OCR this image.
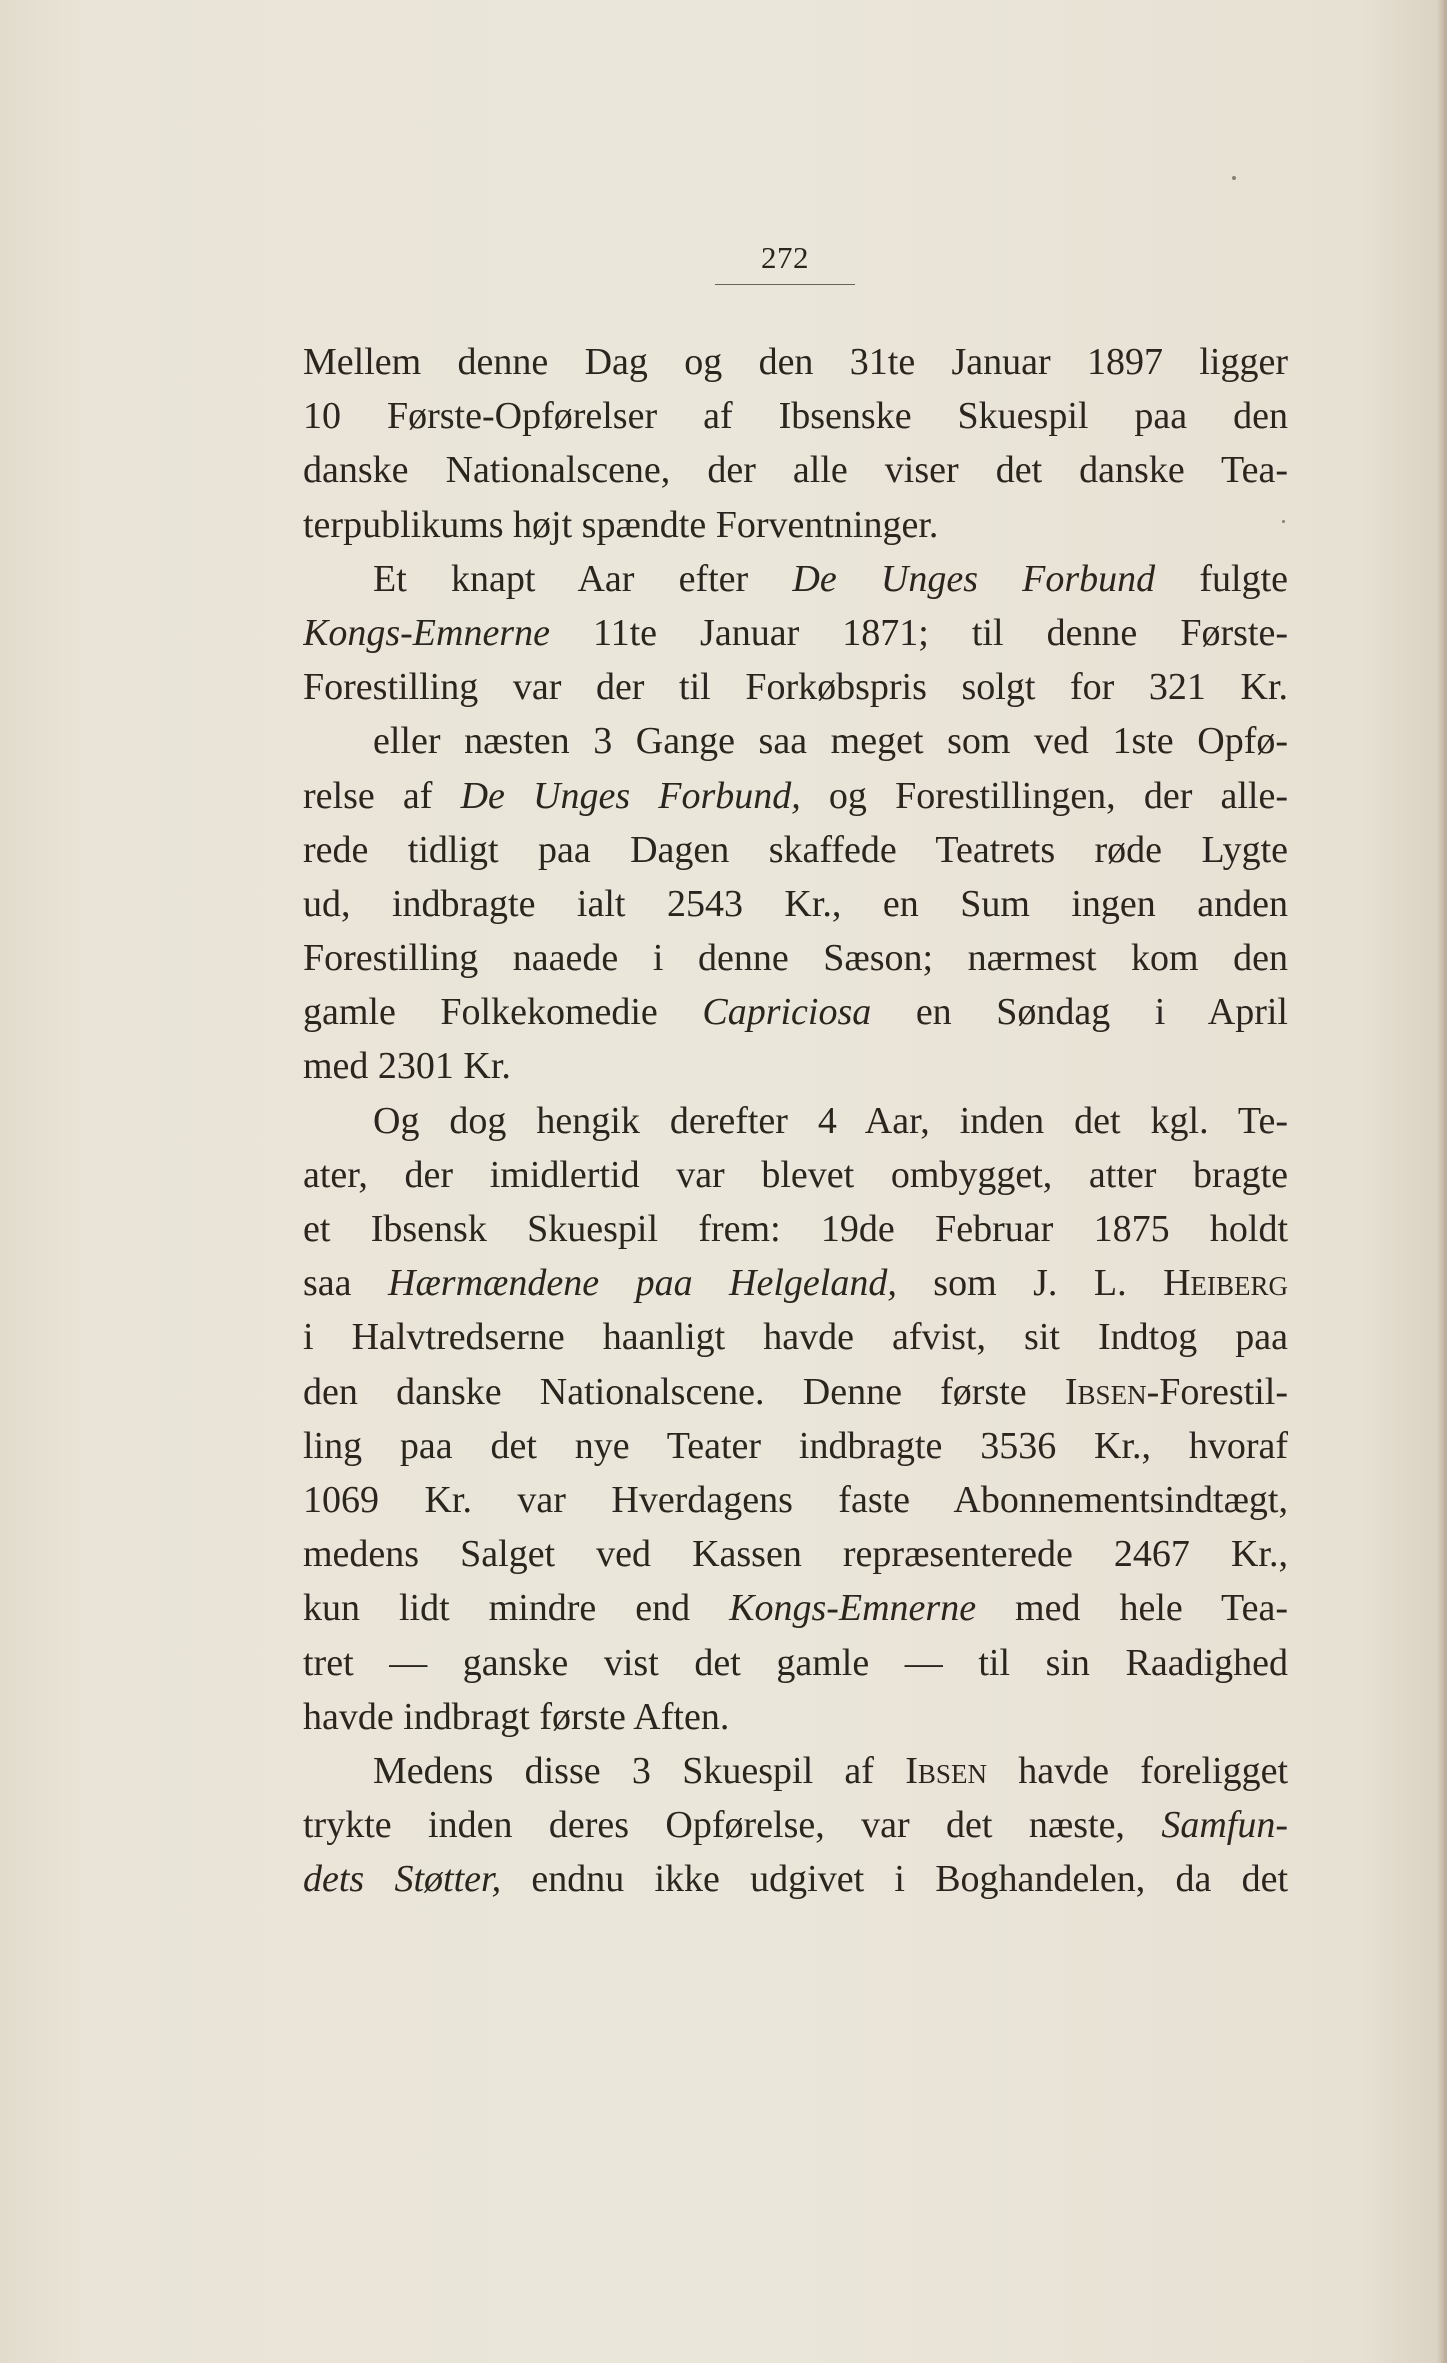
272
Mellem denne Dag og den 31te Januar 1897 ligger
10 Første-Opførelser af Ibsenske Skuespil paa den
danske Nationalscene, der alle viser det danske Tea-
terpublikums højt spændte Forventninger.
Et knapt Aar efter De Unges Forbund fulgte
Kongs-Emnerne 11te Januar 1871; til denne Første-
Forestilling var der til Forkøbspris solgt for 321 Kr.
eller næsten 3 Gange saa meget som ved 1ste Opfø-
relse af De Unges Forbund, og Forestillingen, der alle-
rede tidligt paa Dagen skaffede Teatrets røde Lygte
ud, indbragte ialt 2543 Kr., en Sum ingen anden
Forestilling naaede i denne Sæson; nærmest kom den
gamle Folkekomedie Capriciosa en Søndag i April
med 2301 Kr.
Og dog hengik derefter 4 Aar, inden det kgl. Te-
ater, der imidlertid var blevet ombygget, atter bragte
et Ibsensk Skuespil frem: 19de Februar 1875 holdt
saa Hærmændene paa Helgeland, som J. L. Heiberg
i Halvtredserne haanligt havde afvist, sit Indtog paa
den danske Nationalscene. Denne første Ibsen-Forestil-
ling paa det nye Teater indbragte 3536 Kr., hvoraf
1069 Kr. var Hverdagens faste Abonnementsindtægt,
medens Salget ved Kassen repræsenterede 2467 Kr.,
kun lidt mindre end Kongs-Emnerne med hele Tea-
tret — ganske vist det gamle — til sin Raadighed
havde indbragt første Aften.
Medens disse 3 Skuespil af Ibsen havde foreligget
trykte inden deres Opførelse, var det næste, Samfun-
dets Støtter, endnu ikke udgivet i Boghandelen, da det
